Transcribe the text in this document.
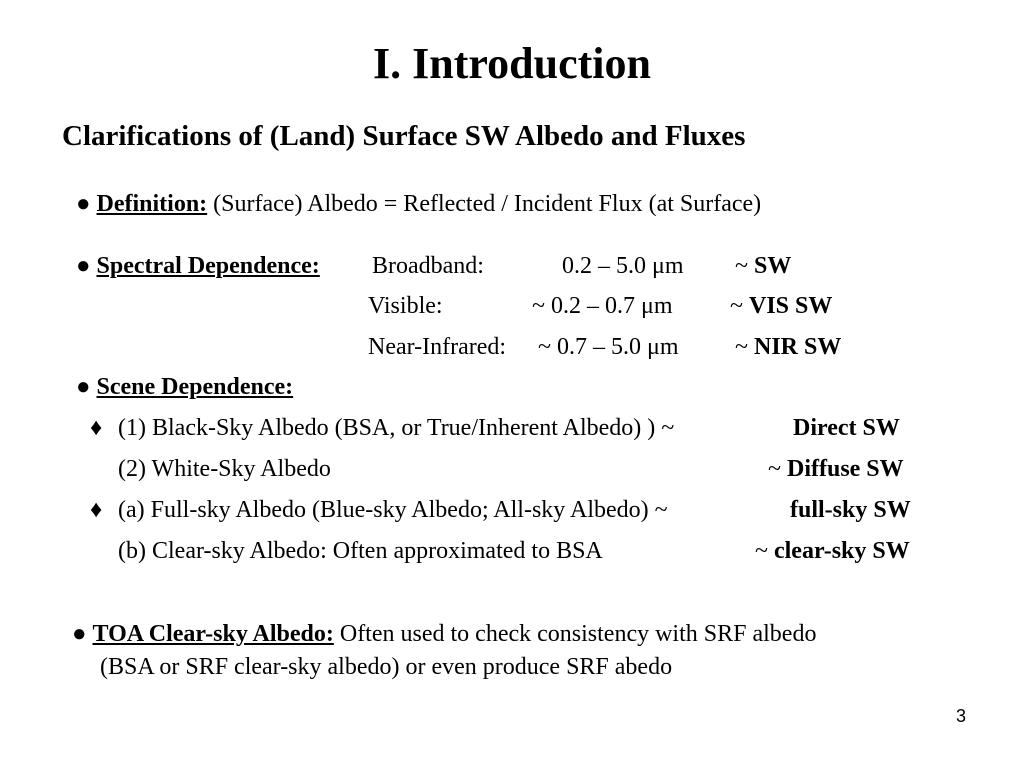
I. Introduction
Clarifications of (Land) Surface SW Albedo and Fluxes
● Definition: (Surface) Albedo = Reflected / Incident Flux (at Surface)
● Spectral Dependence: Broadband:	0.2 – 5.0 μm ~ SW
Visible:	~ 0.2 – 0.7 μm ~ VIS SW
Near-Infrared: ~ 0.7 – 5.0 μm ~ NIR SW
● Scene Dependence:
♦ (1) Black-Sky Albedo (BSA, or True/Inherent Albedo) ) ~	Direct SW
(2) White-Sky Albedo	~ Diffuse SW
♦ (a) Full-sky Albedo (Blue-sky Albedo; All-sky Albedo) ~	full-sky SW
(b) Clear-sky Albedo: Often approximated to BSA	~ clear-sky SW
● TOA Clear-sky Albedo: Often used to check consistency with SRF albedo
(BSA or SRF clear-sky albedo) or even produce SRF abedo
3
